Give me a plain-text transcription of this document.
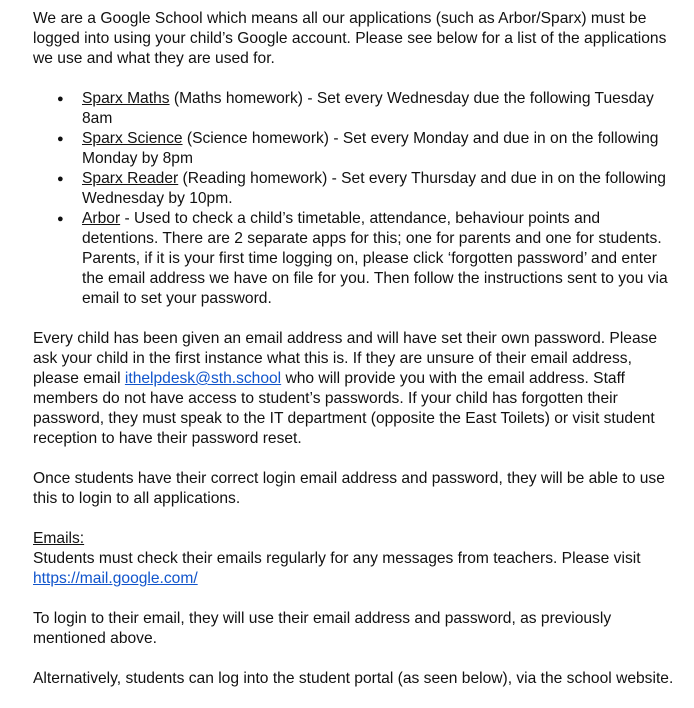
We are a Google School which means all our applications (such as Arbor/Sparx) must be logged into using your child’s Google account. Please see below for a list of the applications we use and what they are used for.

● Sparx Maths (Maths homework) - Set every Wednesday due the following Tuesday 8am
● Sparx Science (Science homework) - Set every Monday and due in on the following Monday by 8pm
● Sparx Reader (Reading homework) - Set every Thursday and due in on the following Wednesday by 10pm.
● Arbor - Used to check a child’s timetable, attendance, behaviour points and detentions. There are 2 separate apps for this; one for parents and one for students. Parents, if it is your first time logging on, please click ‘forgotten password’ and enter the email address we have on file for you. Then follow the instructions sent to you via email to set your password.

Every child has been given an email address and will have set their own password. Please ask your child in the first instance what this is. If they are unsure of their email address, please email ithelpdesk@sth.school who will provide you with the email address. Staff members do not have access to student’s passwords. If your child has forgotten their password, they must speak to the IT department (opposite the East Toilets) or visit student reception to have their password reset.

Once students have their correct login email address and password, they will be able to use this to login to all applications.

Emails:

Students must check their emails regularly for any messages from teachers. Please visit

https://mail.google.com/

To login to their email, they will use their email address and password, as previously mentioned above.

Alternatively, students can log into the student portal (as seen below), via the school website.
